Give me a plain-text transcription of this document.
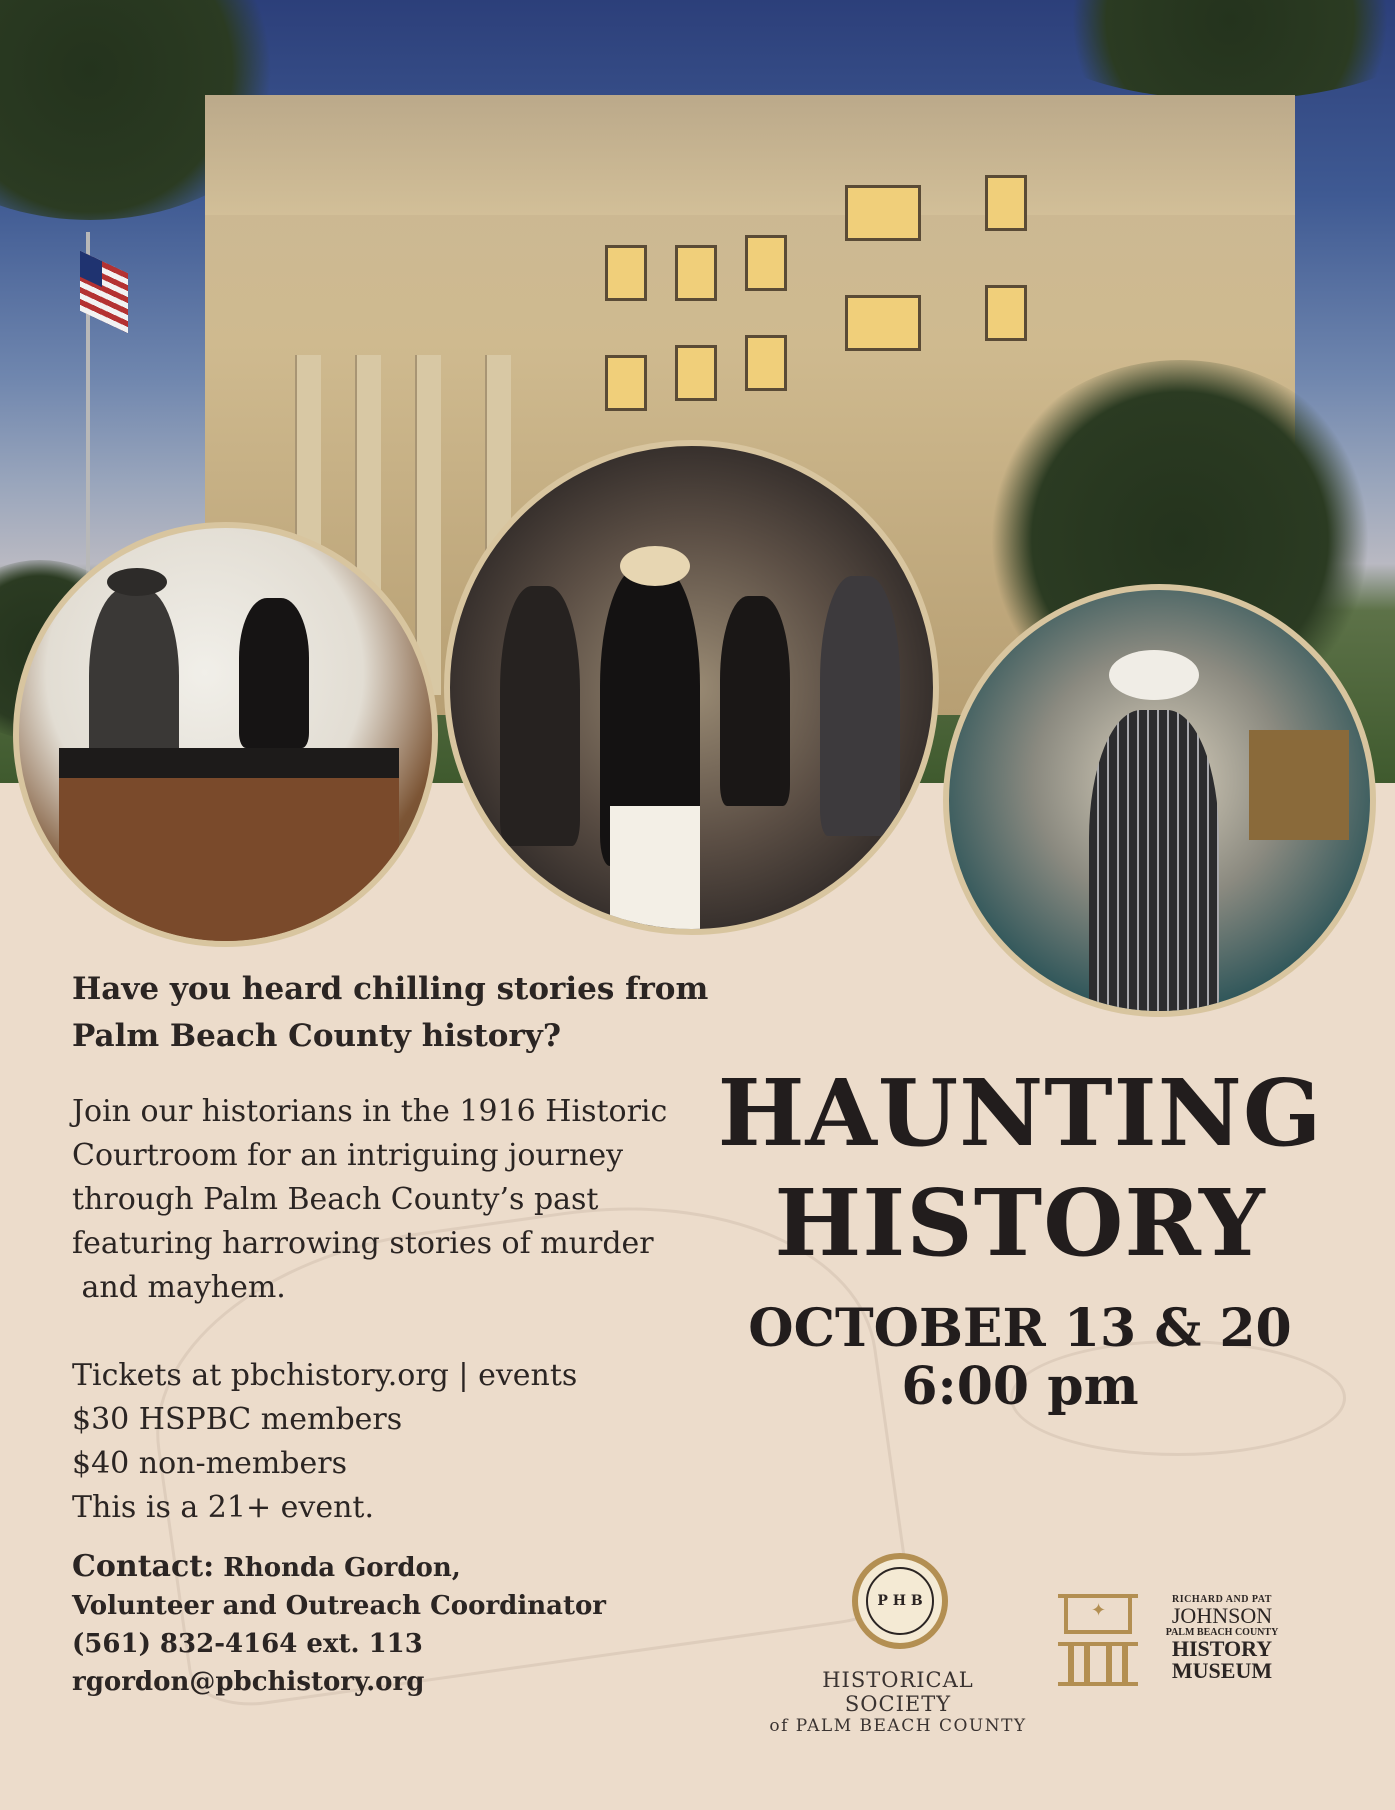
Have you heard chilling stories from
Palm Beach County history?
Join our historians in the 1916 Historic
Courtroom for an intriguing journey
through Palm Beach County’s past
featuring harrowing stories of murder
and mayhem.
Tickets at pbchistory.org | events
$30 HSPBC members
$40 non-members
This is a 21+ event.
Contact: Rhonda Gordon,
Volunteer and Outreach Coordinator
(561) 832-4164 ext. 113
rgordon@pbchistory.org
HAUNTING
HISTORY
OCTOBER 13 & 20
6:00 pm
P H B
HISTORICAL SOCIETY
of PALM BEACH COUNTY
✦
RICHARD AND PAT
JOHNSON
PALM BEACH COUNTY
HISTORY
MUSEUM
